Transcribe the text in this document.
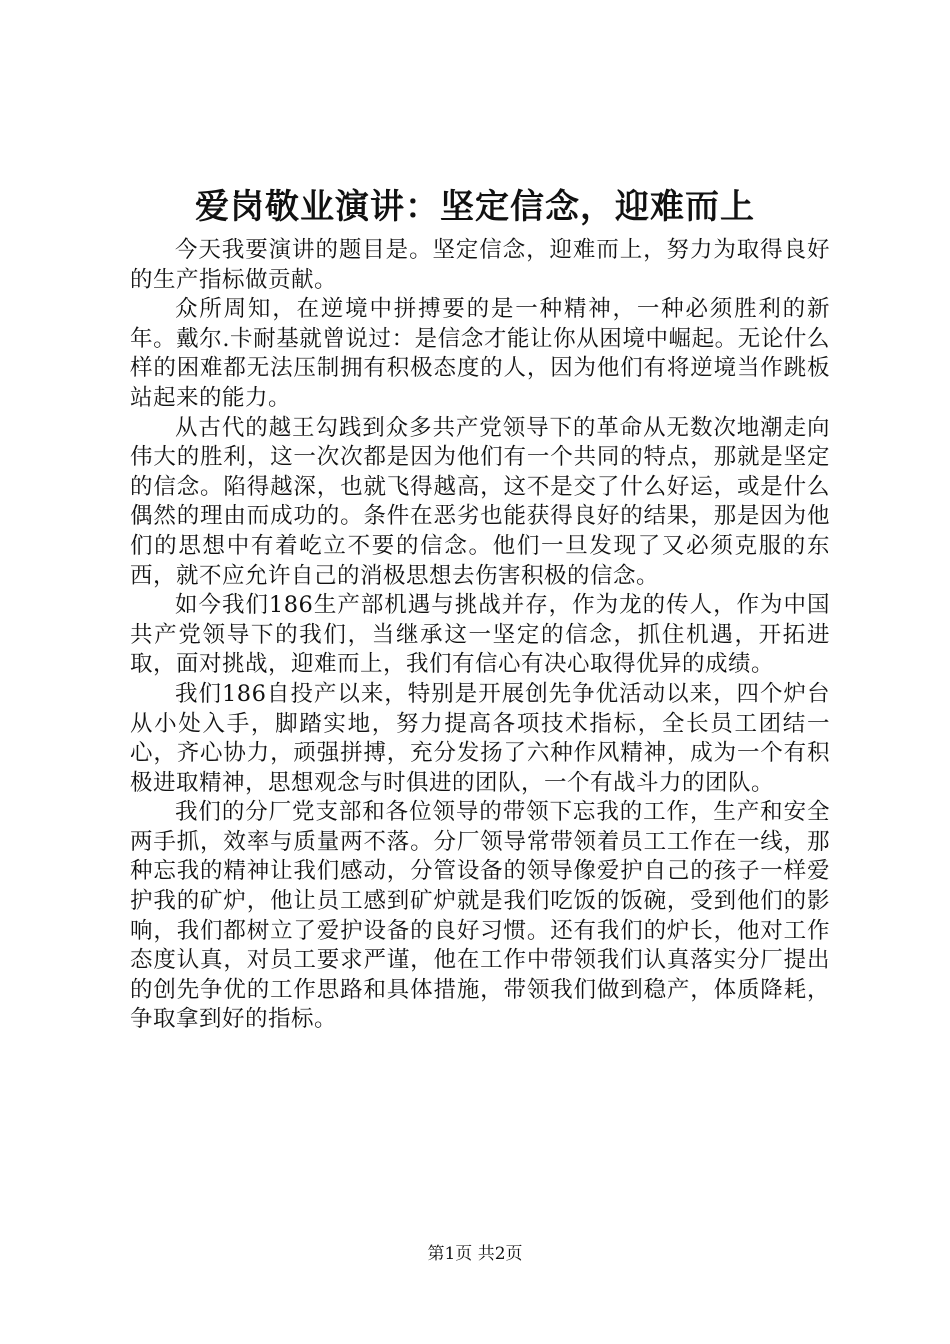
爱岗敬业演讲：坚定信念，迎难而上

今天我要演讲的题目是。坚定信念，迎难而上，努力为取得良好的生产指标做贡献。

众所周知，在逆境中拼搏要的是一种精神，一种必须胜利的新年。戴尔.卡耐基就曾说过：是信念才能让你从困境中崛起。无论什么样的困难都无法压制拥有积极态度的人，因为他们有将逆境当作跳板站起来的能力。

从古代的越王勾践到众多共产党领导下的革命从无数次地潮走向伟大的胜利，这一次次都是因为他们有一个共同的特点，那就是坚定的信念。陷得越深，也就飞得越高，这不是交了什么好运，或是什么偶然的理由而成功的。条件在恶劣也能获得良好的结果，那是因为他们的思想中有着屹立不要的信念。他们一旦发现了又必须克服的东西，就不应允许自己的消极思想去伤害积极的信念。

如今我们186生产部机遇与挑战并存，作为龙的传人，作为中国共产党领导下的我们，当继承这一坚定的信念，抓住机遇，开拓进取，面对挑战，迎难而上，我们有信心有决心取得优异的成绩。

我们186自投产以来，特别是开展创先争优活动以来，四个炉台从小处入手，脚踏实地，努力提高各项技术指标，全长员工团结一心，齐心协力，顽强拼搏，充分发扬了六种作风精神，成为一个有积极进取精神，思想观念与时俱进的团队，一个有战斗力的团队。

我们的分厂党支部和各位领导的带领下忘我的工作，生产和安全两手抓，效率与质量两不落。分厂领导常带领着员工工作在一线，那种忘我的精神让我们感动，分管设备的领导像爱护自己的孩子一样爱护我的矿炉，他让员工感到矿炉就是我们吃饭的饭碗，受到他们的影响，我们都树立了爱护设备的良好习惯。还有我们的炉长，他对工作态度认真，对员工要求严谨，他在工作中带领我们认真落实分厂提出的创先争优的工作思路和具体措施，带领我们做到稳产，体质降耗，争取拿到好的指标。

第1页 共2页
